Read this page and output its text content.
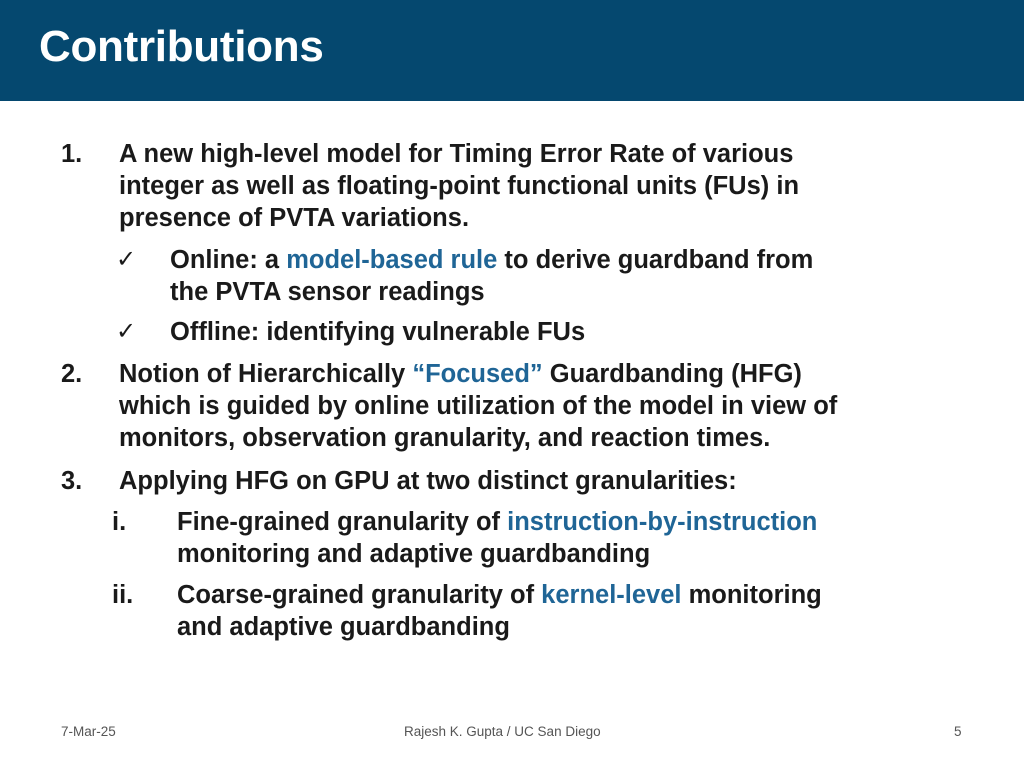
Contributions
1. A new high-level model for Timing Error Rate of various
integer as well as floating-point functional units (FUs) in
presence of PVTA variations.
✓ Online: a model-based rule to derive guardband from
the PVTA sensor readings
✓ Offline: identifying vulnerable FUs
2. Notion of Hierarchically “Focused” Guardbanding (HFG)
which is guided by online utilization of the model in view of
monitors, observation granularity, and reaction times.
3. Applying HFG on GPU at two distinct granularities:
i. Fine-grained granularity of instruction-by-instruction
monitoring and adaptive guardbanding
ii. Coarse-grained granularity of kernel-level monitoring
and adaptive guardbanding
7-Mar-25	Rajesh K. Gupta / UC San Diego	5
